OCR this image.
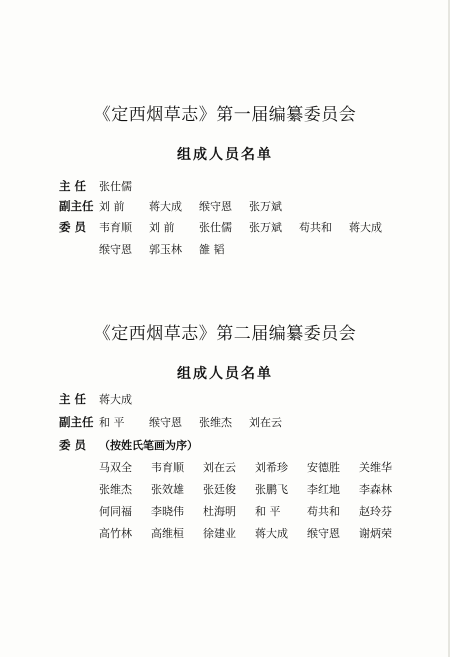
《定西烟草志》第一届编纂委员会
组成人员名单
主 任 张仕儒
副主任 刘 前	蒋大成	缑守恩	张万斌
委 员 韦育顺	刘 前	张仕儒	张万斌	苟共和	蒋大成
缑守恩	郭玉林	雒 韬
《定西烟草志》第二届编纂委员会
组成人员名单
主 任 蒋大成
副主任 和 平	缑守恩	张维杰	刘在云
委 员 （按姓氏笔画为序）
马双全	韦育顺	刘在云	刘希珍	安德胜	关维华
张维杰	张效雄	张廷俊	张鹏飞	李红地	李森林
何同福	李晓伟	杜海明	和 平	苟共和	赵玲芬
高竹林	高维桓	徐建业	蒋大成	缑守恩	谢炳荣
